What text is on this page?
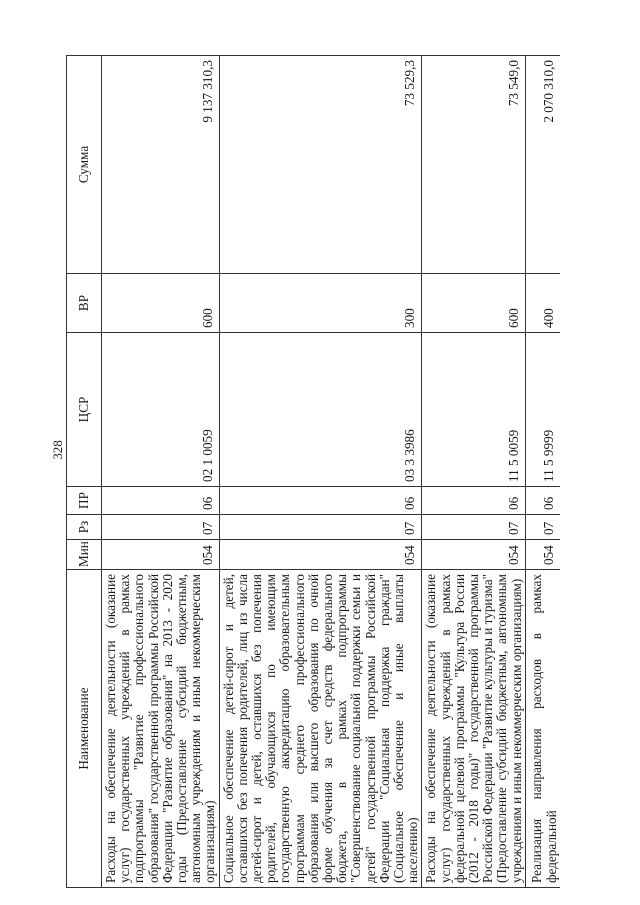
328
Наименование	Мин	Рз	ПР	ЦСР	ВР	Сумма
Расходы на обеспечение деятельности (оказание услуг) государственных учреждений в рамках подпрограммы "Развитие профессионального образования" государственной программы Российской Федерации "Развитие образования" на 2013 - 2020 годы (Предоставление субсидий бюджетным, автономным учреждениям и иным некоммерческим организациям)	054	07	06	02 1 0059	600	9 137 310,3
Социальное обеспечение детей-сирот и детей, оставшихся без попечения родителей, лиц из числа детей-сирот и детей, оставшихся без попечения родителей, обучающихся по имеющим государственную аккредитацию образовательным программам среднего профессионального образования или высшего образования по очной форме обучения за счет средств федерального бюджета, в рамках подпрограммы "Совершенствование социальной поддержки семьи и детей" государственной программы Российской Федерации "Социальная поддержка граждан" (Социальное обеспечение и иные выплаты населению)	054	07	06	03 3 3986	300	73 529,3
Расходы на обеспечение деятельности (оказание услуг) государственных учреждений в рамках федеральной целевой программы "Культура России (2012 - 2018 годы)" государственной программы Российской Федерации "Развитие культуры и туризма" (Предоставление субсидий бюджетным, автономным учреждениям и иным некоммерческим организациям)	054	07	06	11 5 0059	600	73 549,0
Реализация направления расходов в рамках федеральной	054	07	06	11 5 9999	400	2 070 310,0
